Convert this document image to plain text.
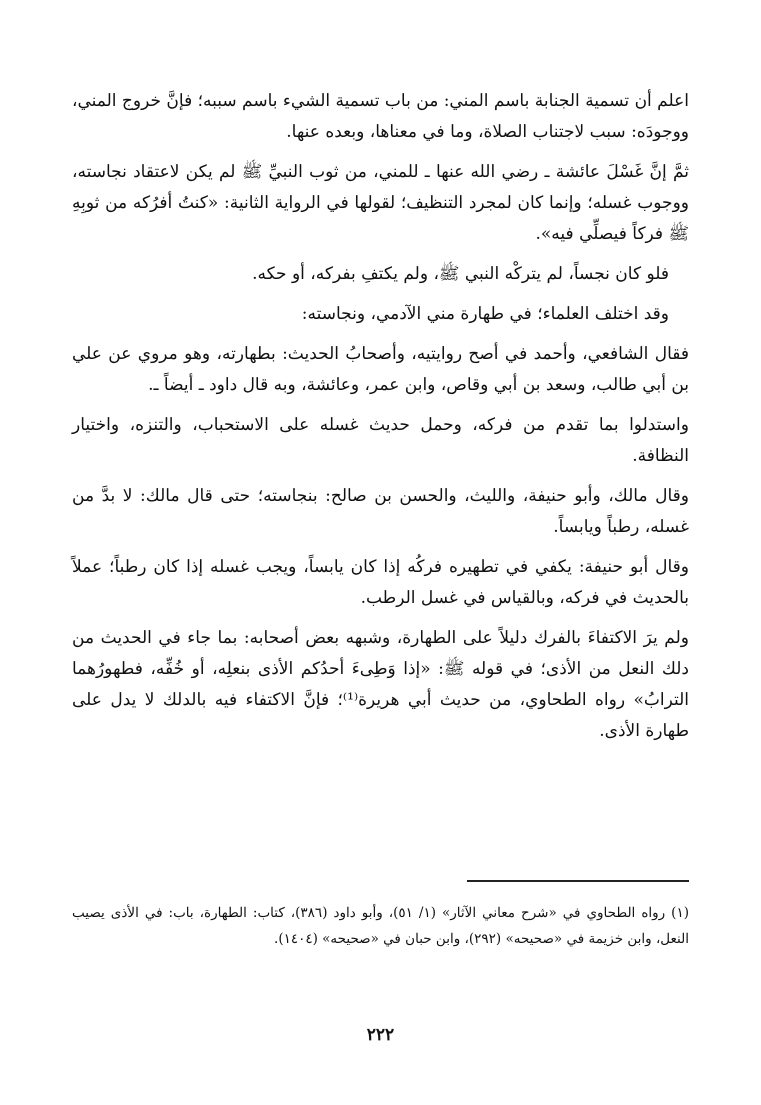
اعلم أن تسمية الجنابة باسم المني: من باب تسمية الشيء باسم سببه؛ فإنَّ خروج المني، ووجودَه: سبب لاجتناب الصلاة، وما في معناها، وبعده عنها.

ثمَّ إنَّ غَسْلَ عائشة ـ رضي الله عنها ـ للمني، من ثوب النبيِّ ﷺ لم يكن لاعتقاد نجاسته، ووجوب غسله؛ وإنما كان لمجرد التنظيف؛ لقولها في الرواية الثانية: «كنتُ أفرُكه من ثوبِهِ ﷺ فركاً فيصلِّي فيه».

فلو كان نجساً، لم يتركْه النبي ﷺ، ولم يكتفِ بفركه، أو حكه.

وقد اختلف العلماء؛ في طهارة مني الآدمي، ونجاسته:

فقال الشافعي، وأحمد في أصح روايتيه، وأصحابُ الحديث: بطهارته، وهو مروي عن علي بن أبي طالب، وسعد بن أبي وقاص، وابن عمر، وعائشة، وبه قال داود ـ أيضاً ـ.

واستدلوا بما تقدم من فركه، وحمل حديث غسله على الاستحباب، والتنزه، واختيار النظافة.

وقال مالك، وأبو حنيفة، والليث، والحسن بن صالح: بنجاسته؛ حتى قال مالك: لا بدَّ من غسله، رطباً ويابساً.

وقال أبو حنيفة: يكفي في تطهيره فركُه إذا كان يابساً، ويجب غسله إذا كان رطباً؛ عملاً بالحديث في فركه، وبالقياس في غسل الرطب.

ولم يرَ الاكتفاءَ بالفرك دليلاً على الطهارة، وشبهه بعض أصحابه: بما جاء في الحديث من دلك النعل من الأذى؛ في قوله ﷺ: «إذا وَطِىءَ أحدُكم الأذى بنعلِه، أو خُفِّه، فطهورُهما الترابُ» رواه الطحاوي، من حديث أبي هريرة⁽¹⁾؛ فإنَّ الاكتفاء فيه بالدلك لا يدل على طهارة الأذى.

(١) رواه الطحاوي في «شرح معاني الآثار» (١/ ٥١)، وأبو داود (٣٨٦)، كتاب: الطهارة، باب: في الأذى يصيب النعل، وابن خزيمة في «صحيحه» (٢٩٢)، وابن حبان في «صحيحه» (١٤٠٤).
٢٢٢
